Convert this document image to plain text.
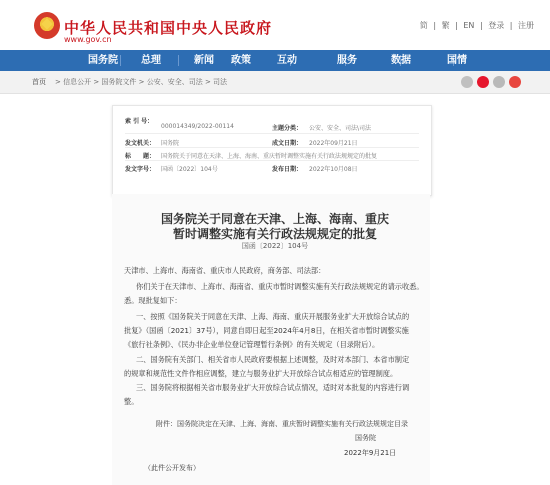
中华人民共和国中央人民政府
www.gov.cn
简 | 繁 | EN | 登录 | 注册
国务院	总理	新闻	政策	互动	服务	数据	国情
首页 > 信息公开 > 国务院文件 > 公安、安全、司法 > 司法
索 引 号：
000014349/2022-00114	主题分类： 公安、安全、司法\司法
发文机关： 国务院	成文日期： 2022年09月21日
标　　题： 国务院关于同意在天津、上海、海南、重庆暂时调整实施有关行政法规规定的批复
发文字号： 国函〔2022〕104号	发布日期： 2022年10月08日
国务院关于同意在天津、上海、海南、重庆
暂时调整实施有关行政法规规定的批复
国函〔2022〕104号
天津市、上海市、海南省、重庆市人民政府，商务部、司法部：
你们关于在天津市、上海市、海南省、重庆市暂时调整实施有关行政法规规定的请示收悉。
悉。现批复如下：
一、按照《国务院关于同意在天津、上海、海南、重庆开展服务业扩大开放综合试点的
批复》（国函〔2021〕37号），同意自即日起至2024年4月8日，在相关省市暂时调整实施
《旅行社条例》、《民办非企业单位登记管理暂行条例》的有关规定（目录附后）。
二、国务院有关部门、相关省市人民政府要根据上述调整，及时对本部门、本省市制定
的规章和规范性文件作相应调整，建立与服务业扩大开放综合试点相适应的管理制度。
三、国务院将根据相关省市服务业扩大开放综合试点情况，适时对本批复的内容进行调
整。
附件：国务院决定在天津、上海、海南、重庆暂时调整实施有关行政法规规定目录
国务院
2022年9月21日
（此件公开发布）
